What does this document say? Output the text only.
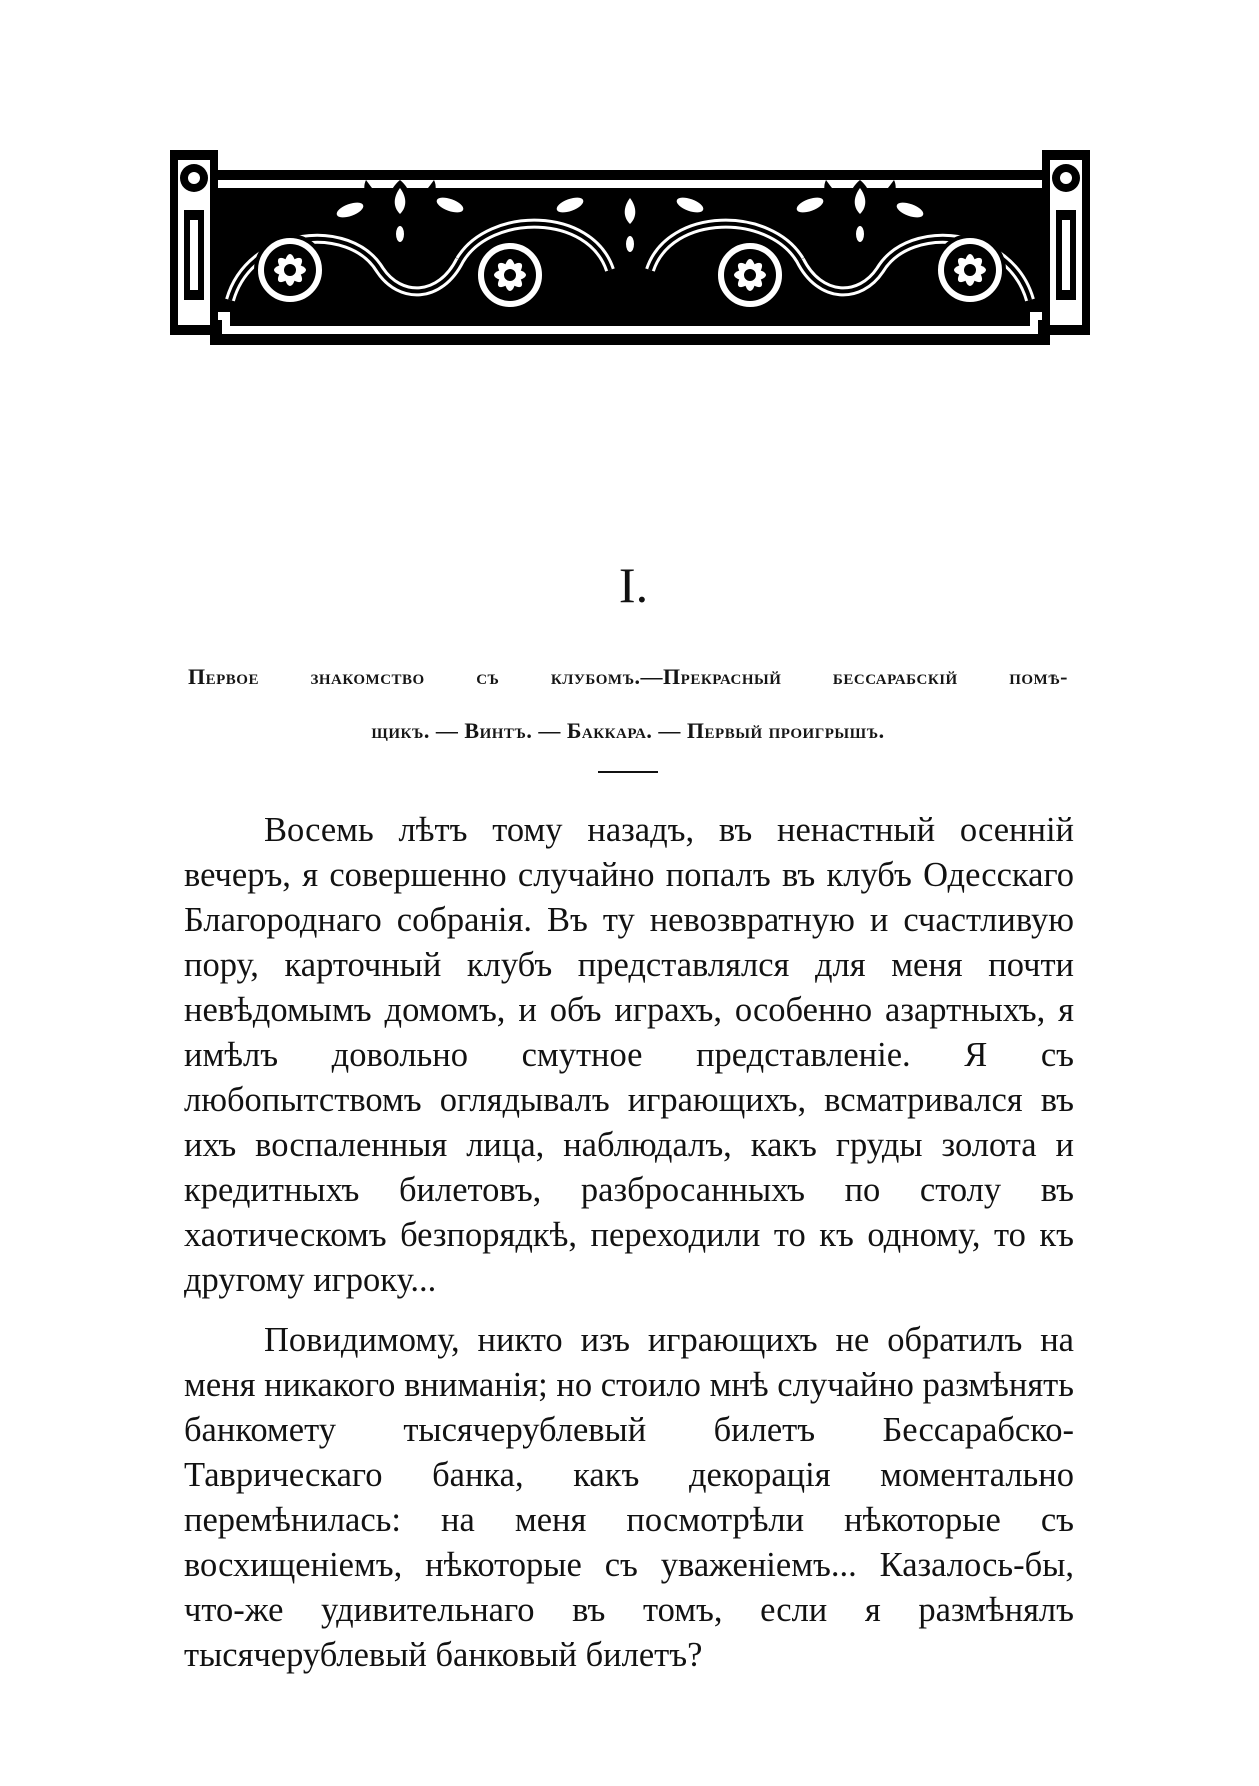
I.
Первое знакомство съ клубомъ.—Прекрасный бессарабскій помѣ-
щикъ. — Винтъ. — Баккара. — Первый проигрышъ.

Восемь лѣтъ тому назадъ, въ ненастный осенній вечеръ, я совершенно случайно попалъ въ клубъ Одесскаго Благороднаго собранія. Въ ту невозвратную и счастливую пору, карточный клубъ представлялся для меня почти невѣдомымъ домомъ, и объ играхъ, особенно азартныхъ, я имѣлъ довольно смутное представленіе. Я съ любопытствомъ оглядывалъ играющихъ, всматривался въ ихъ воспаленныя лица, наблюдалъ, какъ груды золота и кредитныхъ билетовъ, разбросанныхъ по столу въ хаотическомъ безпорядкѣ, переходили то къ одному, то къ другому игроку...

Повидимому, никто изъ играющихъ не обратилъ на меня никакого вниманія; но стоило мнѣ случайно размѣнять банкомету тысячерублевый билетъ Бессарабско-Таврическаго банка, какъ декорація моментально перемѣнилась: на меня посмотрѣли нѣкоторые съ восхищеніемъ, нѣкоторые съ уваженіемъ... Казалось-бы, что-же удивительнаго въ томъ, если я размѣнялъ тысячерублевый банковый билетъ?
